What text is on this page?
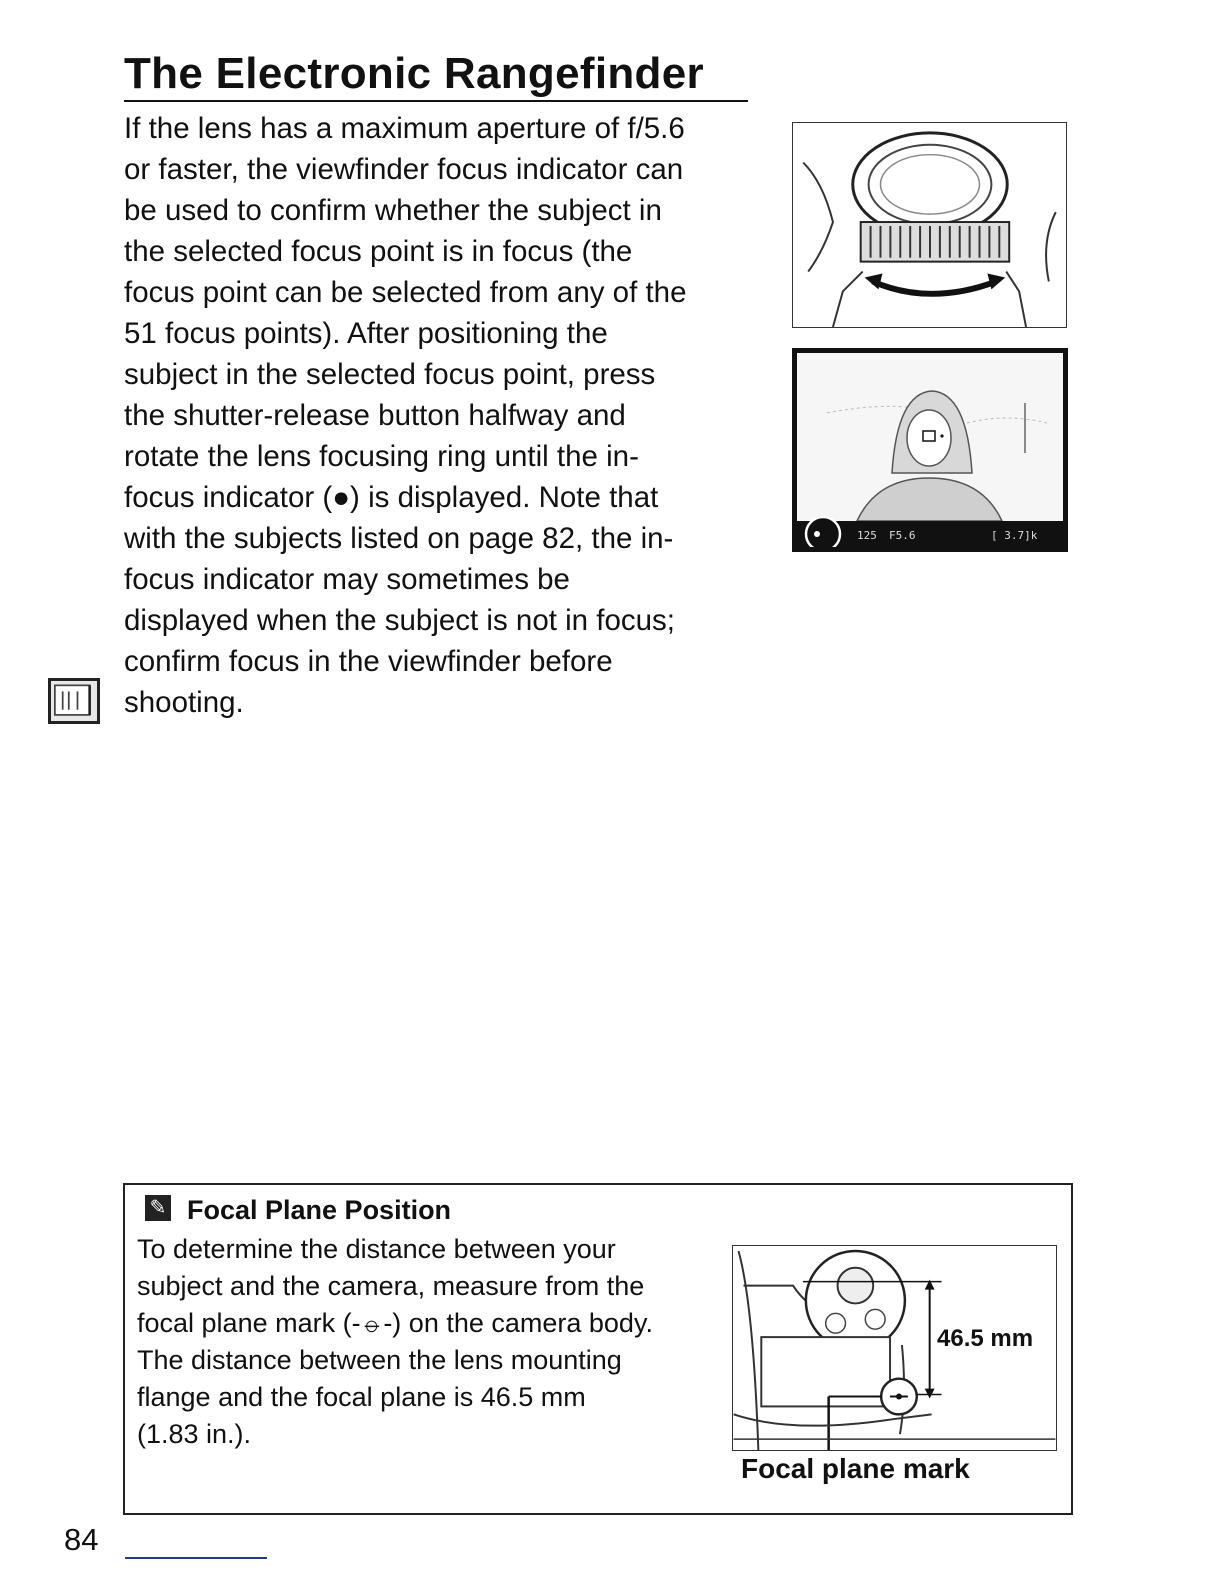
The Electronic Rangefinder
If the lens has a maximum aperture of f/5.6
or faster, the viewfinder focus indicator can
be used to confirm whether the subject in
the selected focus point is in focus (the
focus point can be selected from any of the
51 focus points). After positioning the
subject in the selected focus point, press
the shutter-release button halfway and
rotate the lens focusing ring until the in-
focus indicator (●) is displayed. Note that
with the subjects listed on page 82, the in-
focus indicator may sometimes be
displayed when the subject is not in focus;
confirm focus in the viewfinder before
shooting.
125 F5.6	[ 3.7]k
✎ Focal Plane Position
To determine the distance between your
subject and the camera, measure from the
focal plane mark (-⦵-) on the camera body.
The distance between the lens mounting
flange and the focal plane is 46.5 mm
(1.83 in.).
46.5 mm
Focal plane mark
84
